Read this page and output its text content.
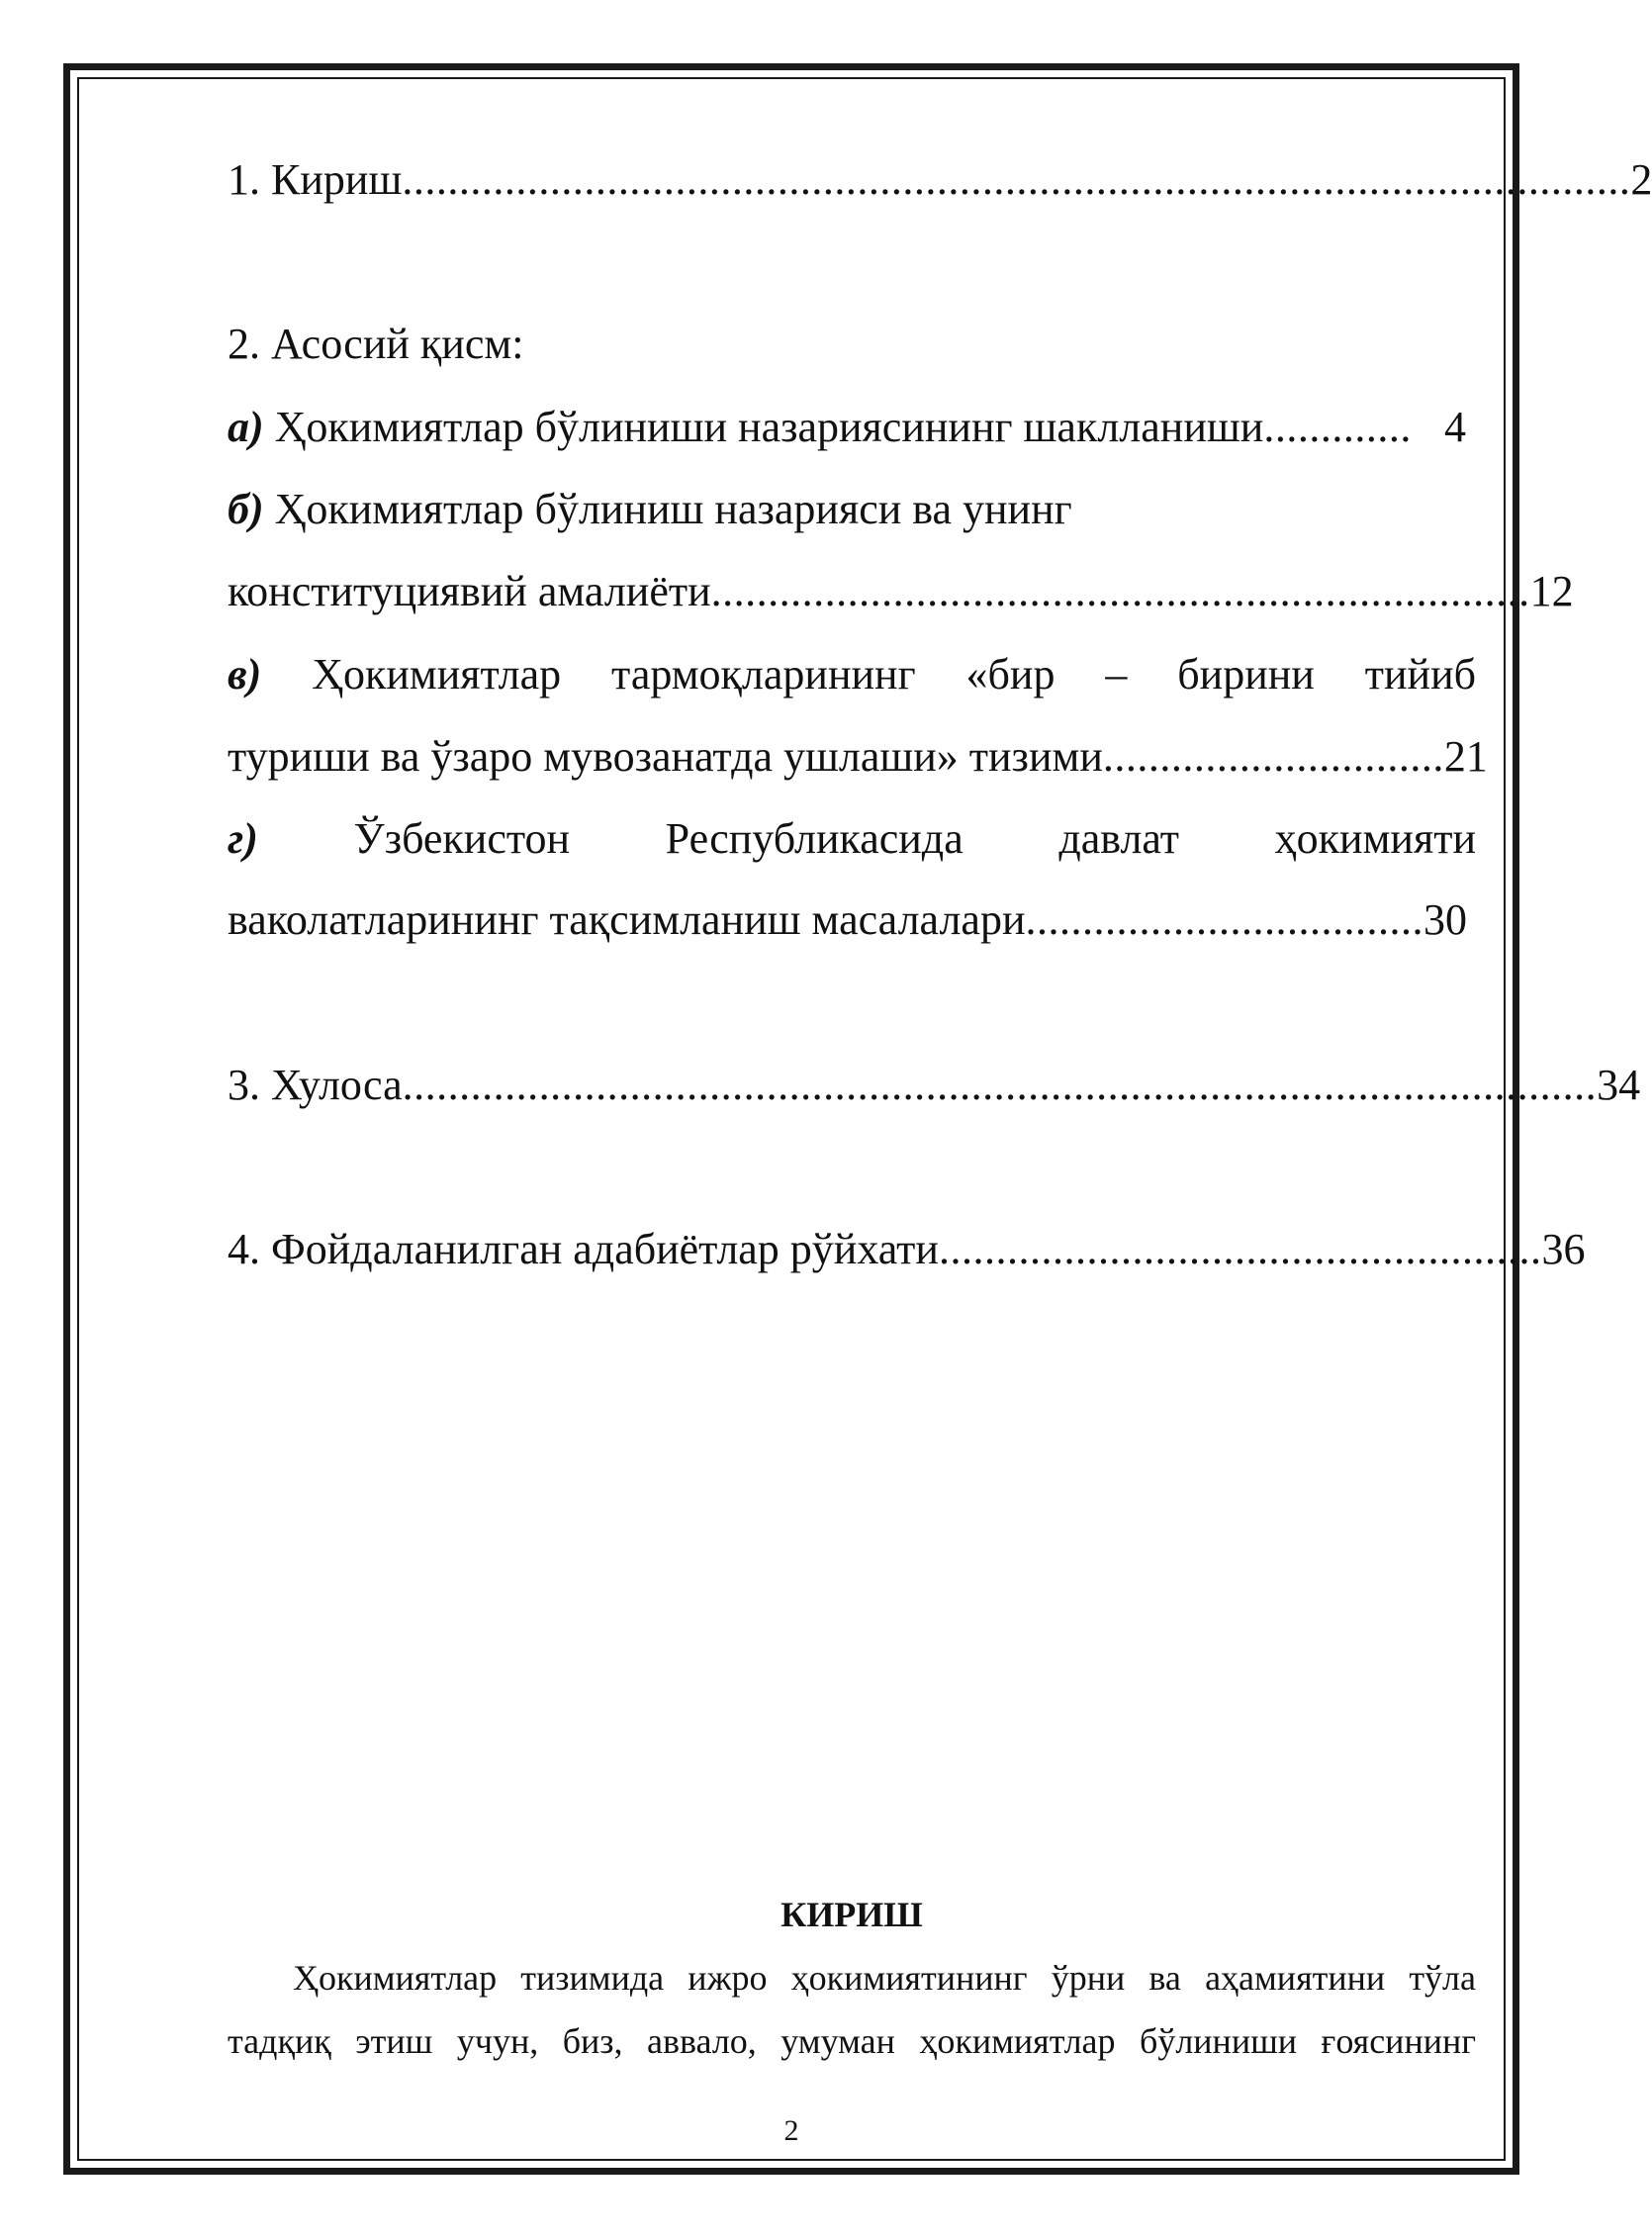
1. Кириш ............................................................................................................ 2
2. Асосий қисм:
а) Ҳокимиятлар бўлиниши назариясининг шаклланиши ............. 4
б) Ҳокимиятлар бўлиниш назарияси ва унинг
конституциявий амалиёти ........................................................................ 12
в) Ҳокимиятлар тармоқларининг «бир – бирини тийиб
туриши ва ўзаро мувозанатда ушлаши» тизими .............................. 21
г) Ўзбекистон Республикасида давлат ҳокимияти
ваколатларининг тақсимланиш масалалари ................................... 30
3. Хулоса ......................................................................................................... 34
4. Фойдаланилган адабиётлар рўйхати ..................................................... 36
КИРИШ
Ҳокимиятлар тизимида ижро ҳокимиятининг ўрни ва аҳамиятини тўла
тадқиқ этиш учун, биз, аввало, умуман ҳокимиятлар бўлиниши ғоясининг
2
